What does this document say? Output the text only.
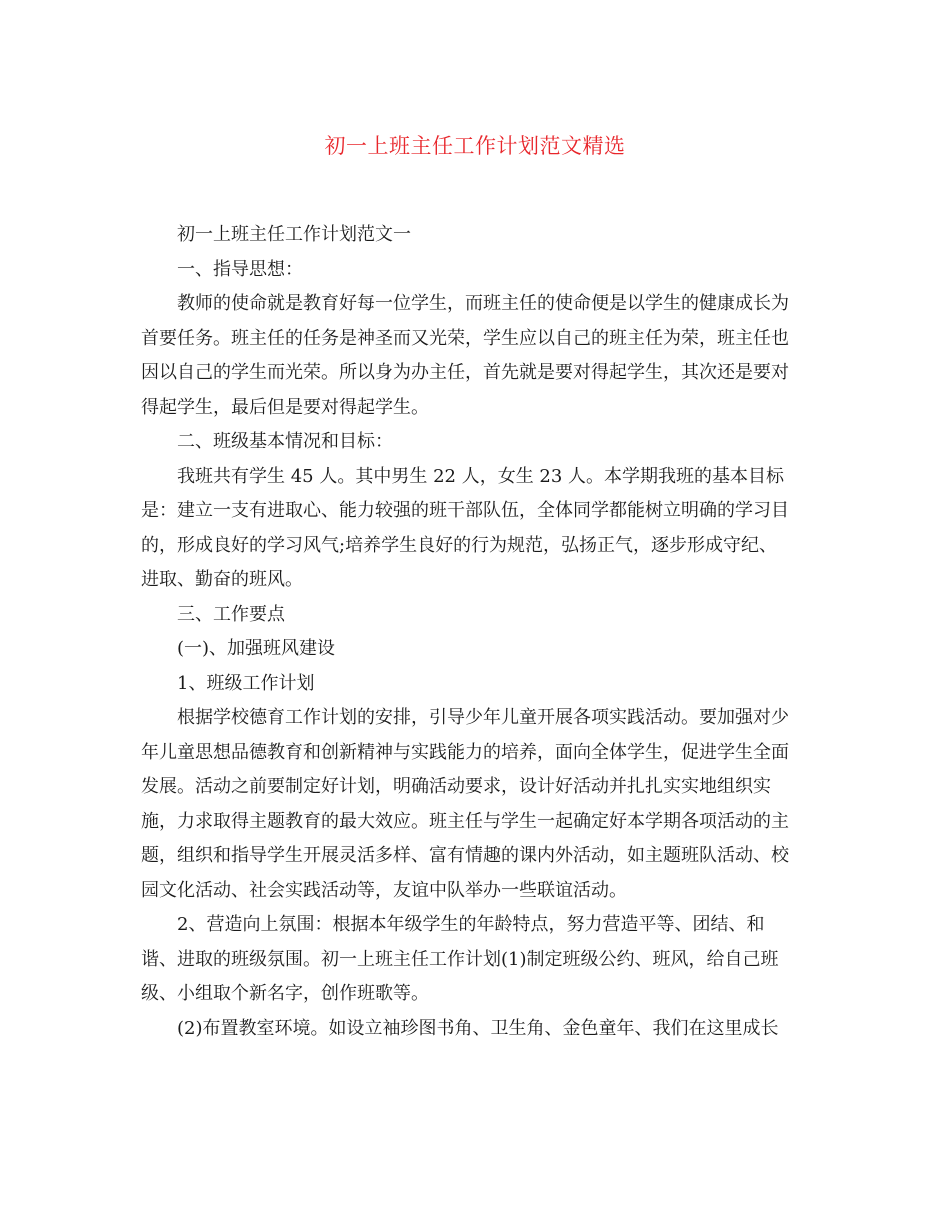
初一上班主任工作计划范文精选
初一上班主任工作计划范文一
一、指导思想：
教师的使命就是教育好每一位学生，而班主任的使命便是以学生的健康成长为
首要任务。班主任的任务是神圣而又光荣，学生应以自己的班主任为荣，班主任也
因以自己的学生而光荣。所以身为办主任，首先就是要对得起学生，其次还是要对
得起学生，最后但是要对得起学生。
二、班级基本情况和目标：
我班共有学生 45 人。其中男生 22 人，女生 23 人。本学期我班的基本目标
是：建立一支有进取心、能力较强的班干部队伍，全体同学都能树立明确的学习目
的，形成良好的学习风气;培养学生良好的行为规范，弘扬正气，逐步形成守纪、
进取、勤奋的班风。
三、工作要点
(一)、加强班风建设
1、班级工作计划
根据学校德育工作计划的安排，引导少年儿童开展各项实践活动。要加强对少
年儿童思想品德教育和创新精神与实践能力的培养，面向全体学生，促进学生全面
发展。活动之前要制定好计划，明确活动要求，设计好活动并扎扎实实地组织实
施，力求取得主题教育的最大效应。班主任与学生一起确定好本学期各项活动的主
题，组织和指导学生开展灵活多样、富有情趣的课内外活动，如主题班队活动、校
园文化活动、社会实践活动等，友谊中队举办一些联谊活动。
2、营造向上氛围：根据本年级学生的年龄特点，努力营造平等、团结、和
谐、进取的班级氛围。初一上班主任工作计划(1)制定班级公约、班风，给自己班
级、小组取个新名字，创作班歌等。
(2)布置教室环境。如设立袖珍图书角、卫生角、金色童年、我们在这里成长
